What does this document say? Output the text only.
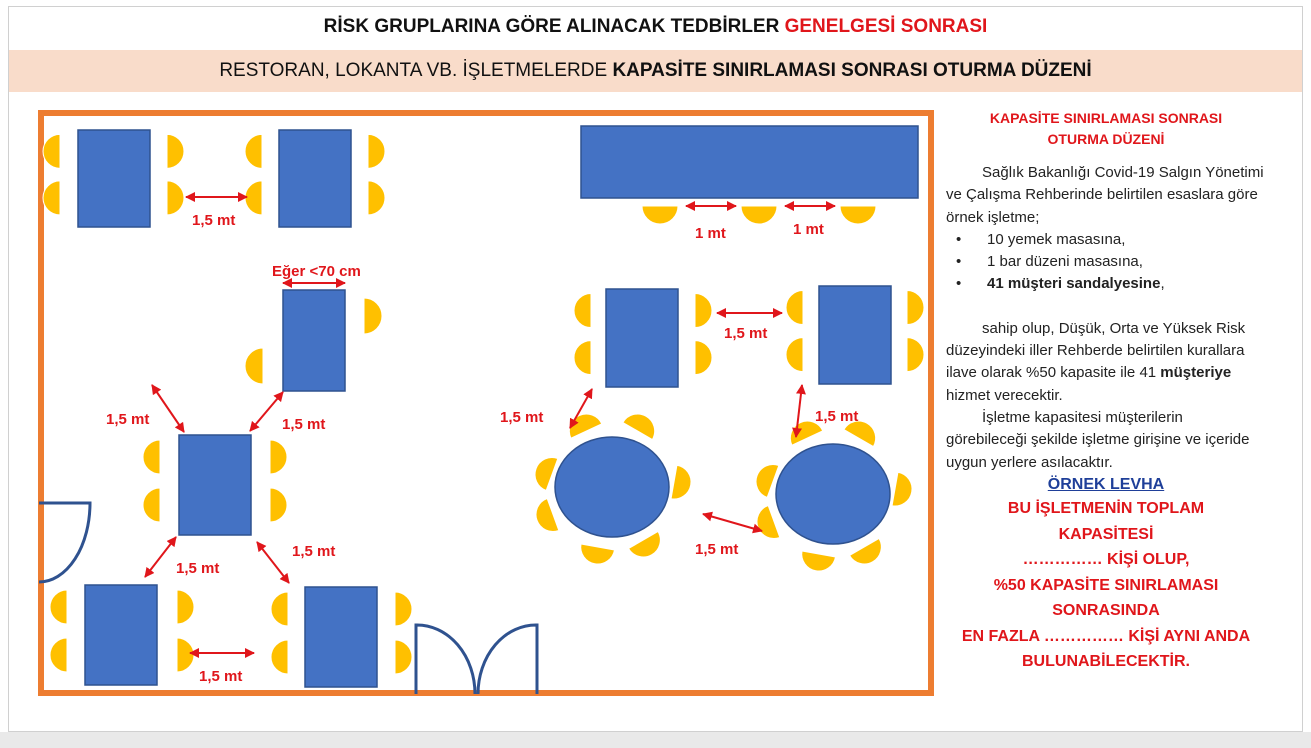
RİSK GRUPLARINA GÖRE ALINACAK TEDBİRLER GENELGESİ SONRASI
RESTORAN, LOKANTA VB. İŞLETMELERDE KAPASİTE SINIRLAMASI SONRASI OTURMA DÜZENİ
1,5 mt
1 mt	1 mt
Eğer <70 cm
1,5 mt	1,5 mt
1,5 mt
1,5 mt	1,5 mt
1,5 mt
1,5 mt	1,5 mt
1,5 mt
KAPASİTE SINIRLAMASI SONRASI
OTURMA DÜZENİ

Sağlık Bakanlığı Covid-19 Salgın Yönetimi ve Çalışma Rehberinde belirtilen esaslara göre örnek işletme;

• 10 yemek masasına,

• 1 bar düzeni masasına,

• 41 müşteri sandalyesine,

sahip olup, Düşük, Orta ve Yüksek Risk düzeyindeki iller Rehberde belirtilen kurallara ilave olarak %50 kapasite ile 41 müşteriye hizmet verecektir.

İşletme kapasitesi müşterilerin görebileceği şekilde işletme girişine ve içeride uygun yerlere asılacaktır.

ÖRNEK LEVHA

BU İŞLETMENİN TOPLAM
KAPASİTESİ
…………… KİŞİ OLUP,
%50 KAPASİTE SINIRLAMASI
SONRASINDA
EN FAZLA …………… KİŞİ AYNI ANDA
BULUNABİLECEKTİR.
